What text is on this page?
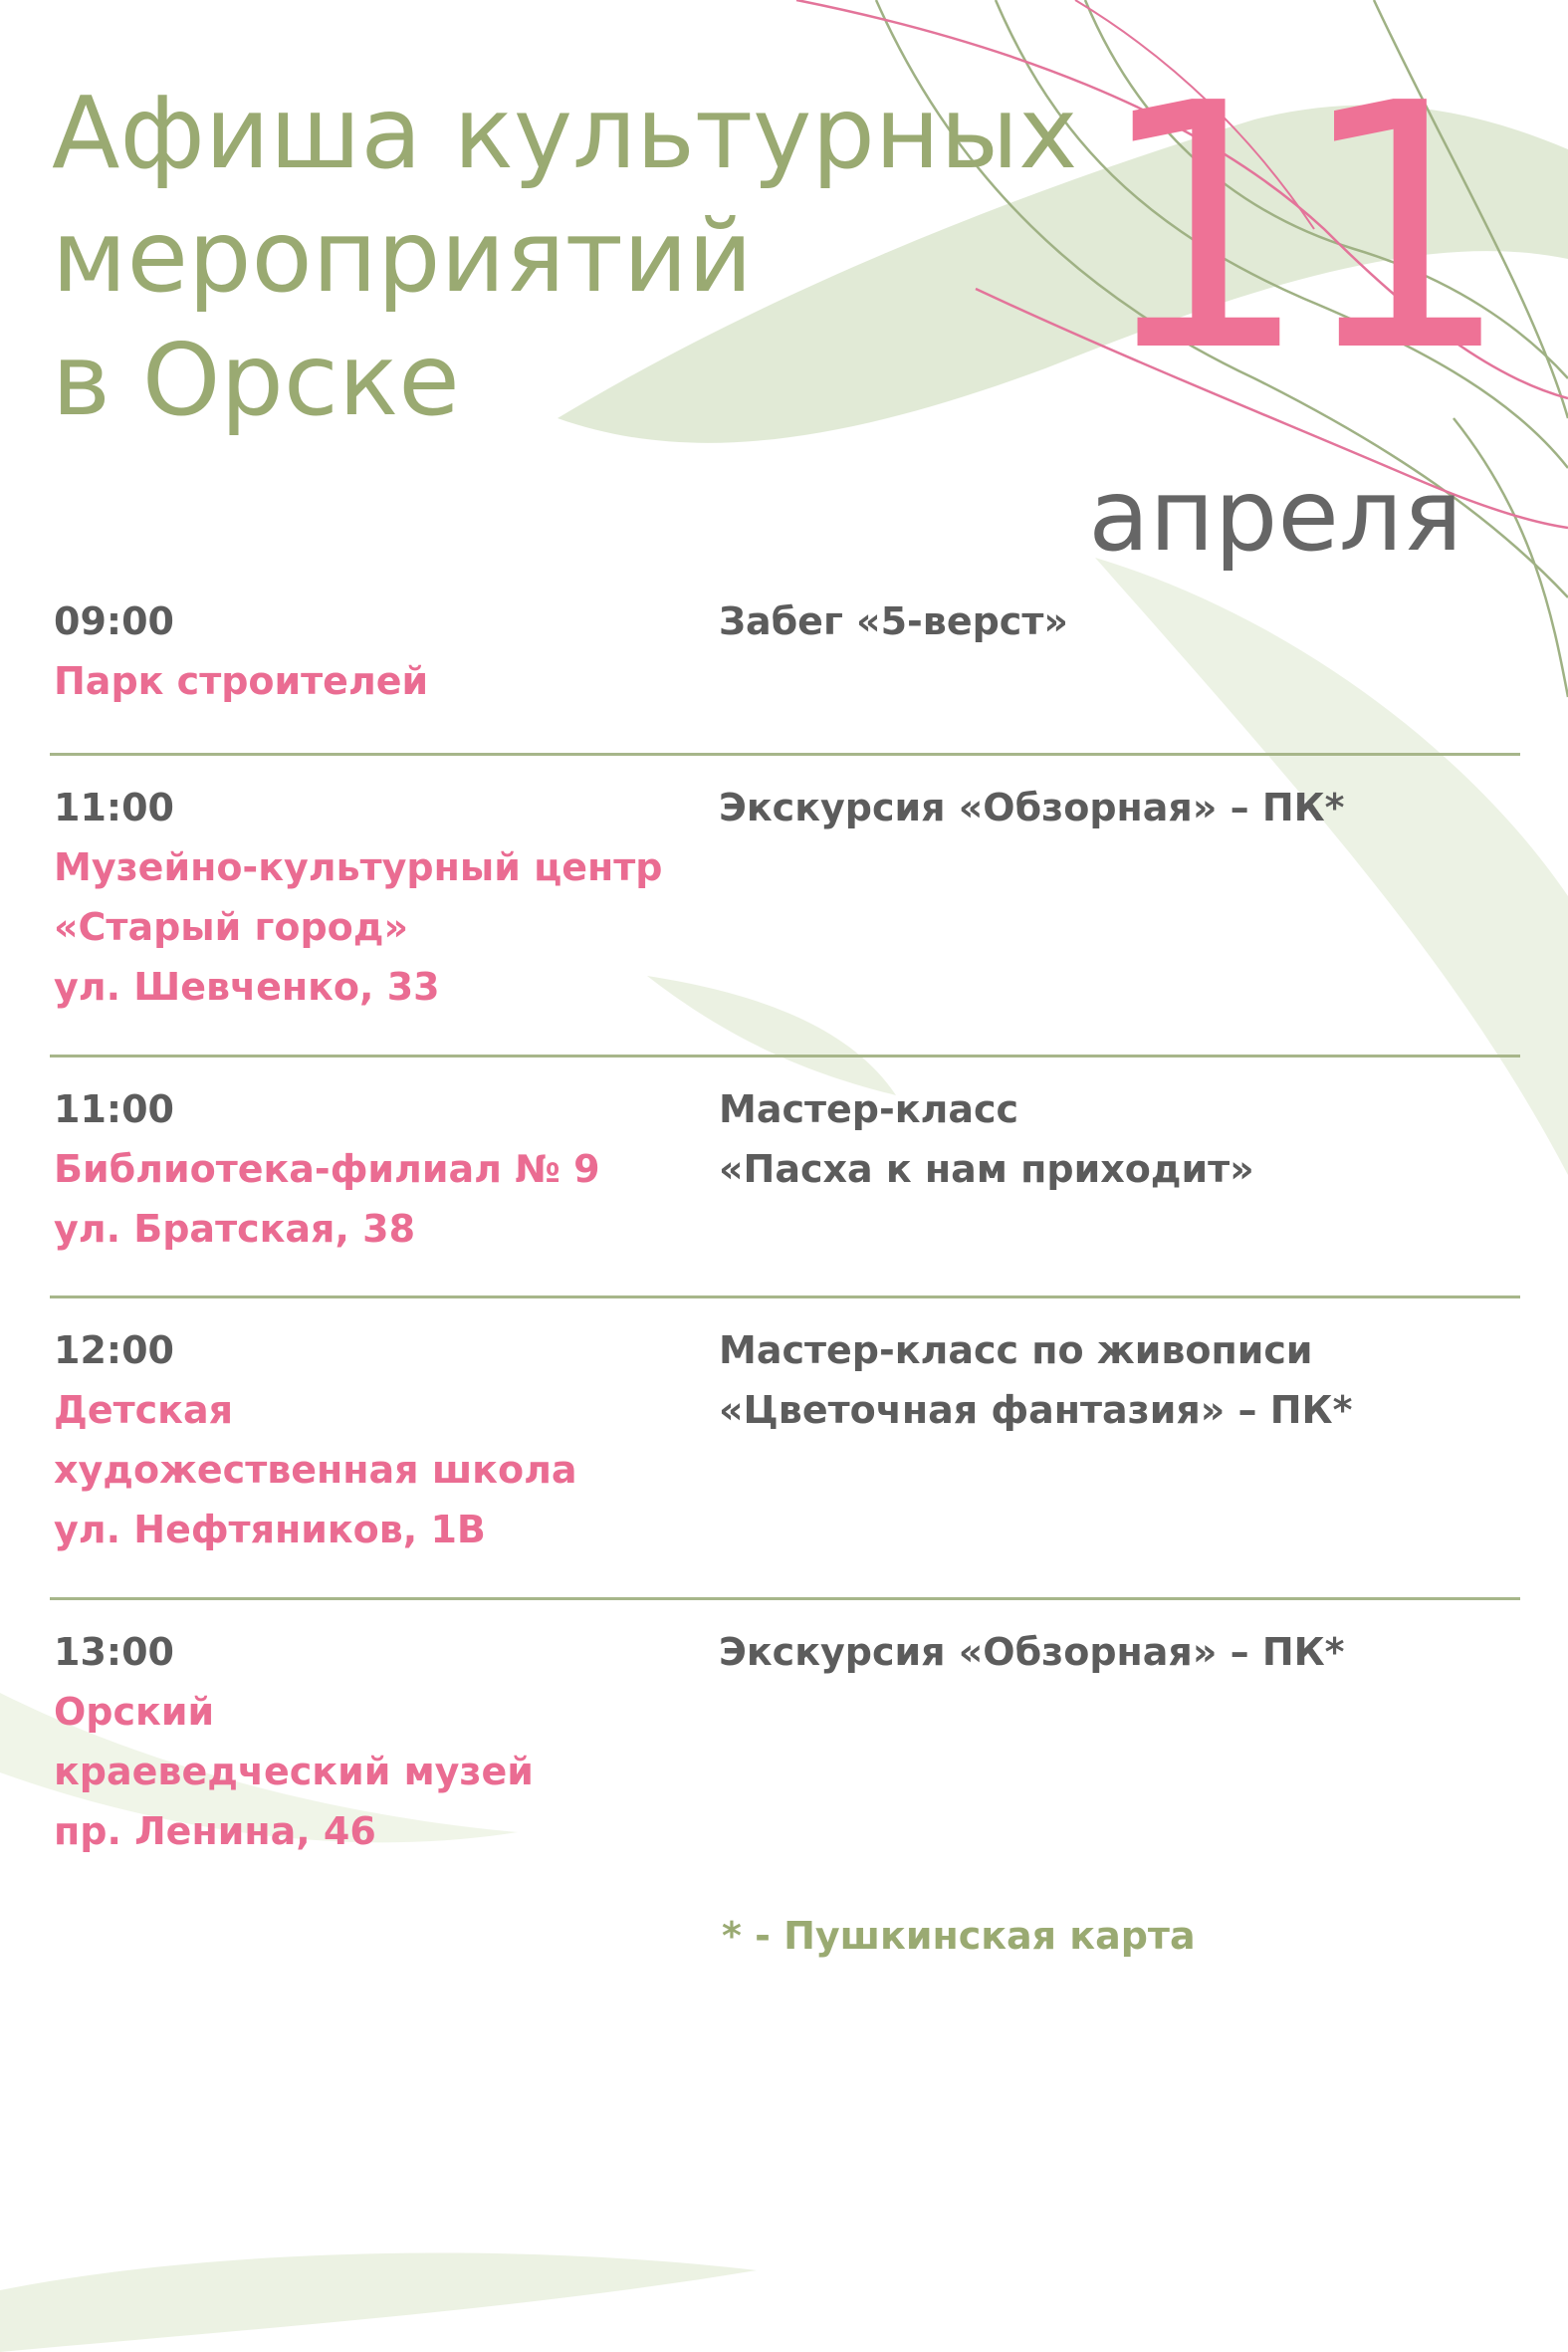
Афиша культурных
мероприятий
в Орске	11
апреля
09:00
Парк строителей
Забег «5-верст»
11:00
Музейно-культурный центр
«Старый город»
ул. Шевченко, 33
Экскурсия «Обзорная» – ПК*
11:00
Библиотека-филиал № 9
ул. Братская, 38
Мастер-класс
«Пасха к нам приходит»
12:00
Детская
художественная школа
ул. Нефтяников, 1В
Мастер-класс по живописи
«Цветочная фантазия» – ПК*
13:00
Орский
краеведческий музей
пр. Ленина, 46
Экскурсия «Обзорная» – ПК*
* - Пушкинская карта
